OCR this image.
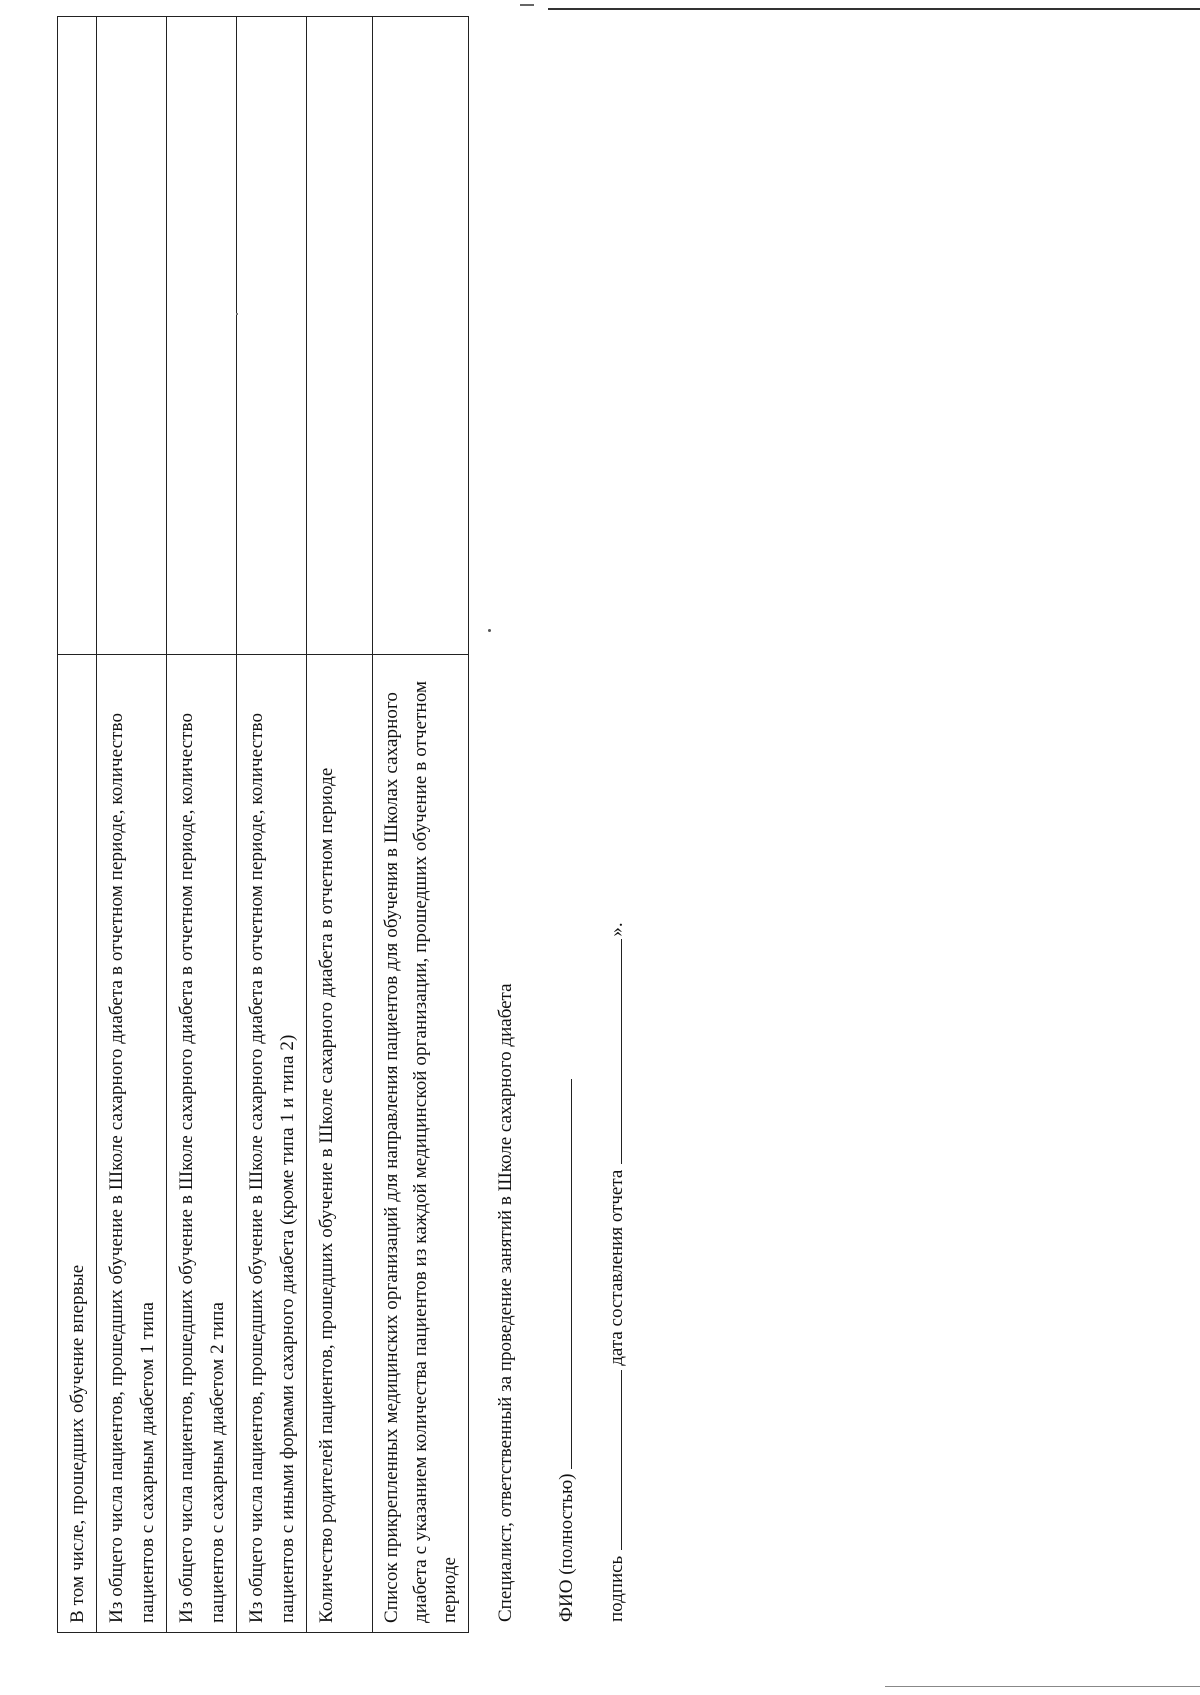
В том числе, прошедших обучение впервые	
Из общего числа пациентов, прошедших обучение в Школе сахарного диабета в отчетном периоде, количество пациентов с сахарным диабетом 1 типа	
Из общего числа пациентов, прошедших обучение в Школе сахарного диабета в отчетном периоде, количество пациентов с сахарным диабетом 2 типа	
Из общего числа пациентов, прошедших обучение в Школе сахарного диабета в отчетном периоде, количество пациентов с иными формами сахарного диабета (кроме типа 1 и типа 2)	
Количество родителей пациентов, прошедших обучение в Школе сахарного диабета в отчетном периоде	
Список прикрепленных медицинских организаций для направления пациентов для обучения в Школах сахарного диабета с указанием количества пациентов из каждой медицинской организации, прошедших обучение в отчетном периоде	Специалист, ответственный за проведение занятий в Школе сахарного диабета ФИО (полностью) подписьдата составления отчета».
